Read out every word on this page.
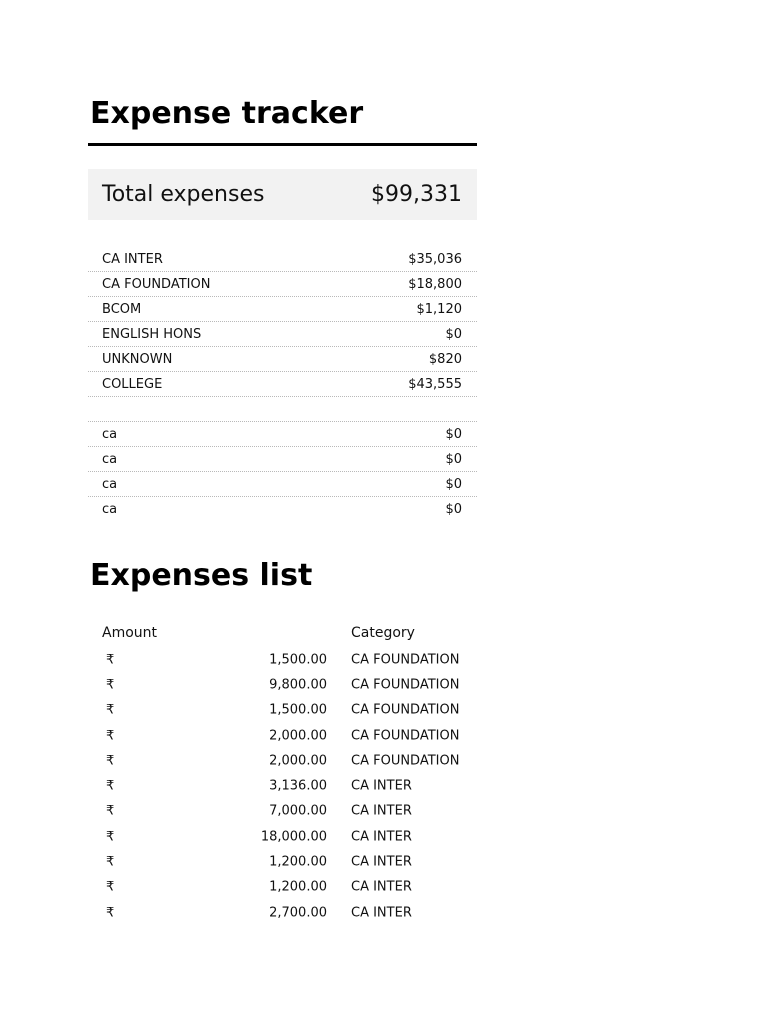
Expense tracker
Total expenses	$99,331
CA INTER	$35,036
CA FOUNDATION	$18,800
BCOM	$1,120
ENGLISH HONS	$0
UNKNOWN	$820
COLLEGE	$43,555
ca	$0
ca	$0
ca	$0
ca	$0
Expenses list
Amount	Category
₹	1,500.00 CA FOUNDATION
₹	9,800.00 CA FOUNDATION
₹	1,500.00 CA FOUNDATION
₹	2,000.00 CA FOUNDATION
₹	2,000.00 CA FOUNDATION
₹	3,136.00 CA INTER
₹	7,000.00 CA INTER
₹	18,000.00 CA INTER
₹	1,200.00 CA INTER
₹	1,200.00 CA INTER
₹	2,700.00 CA INTER
